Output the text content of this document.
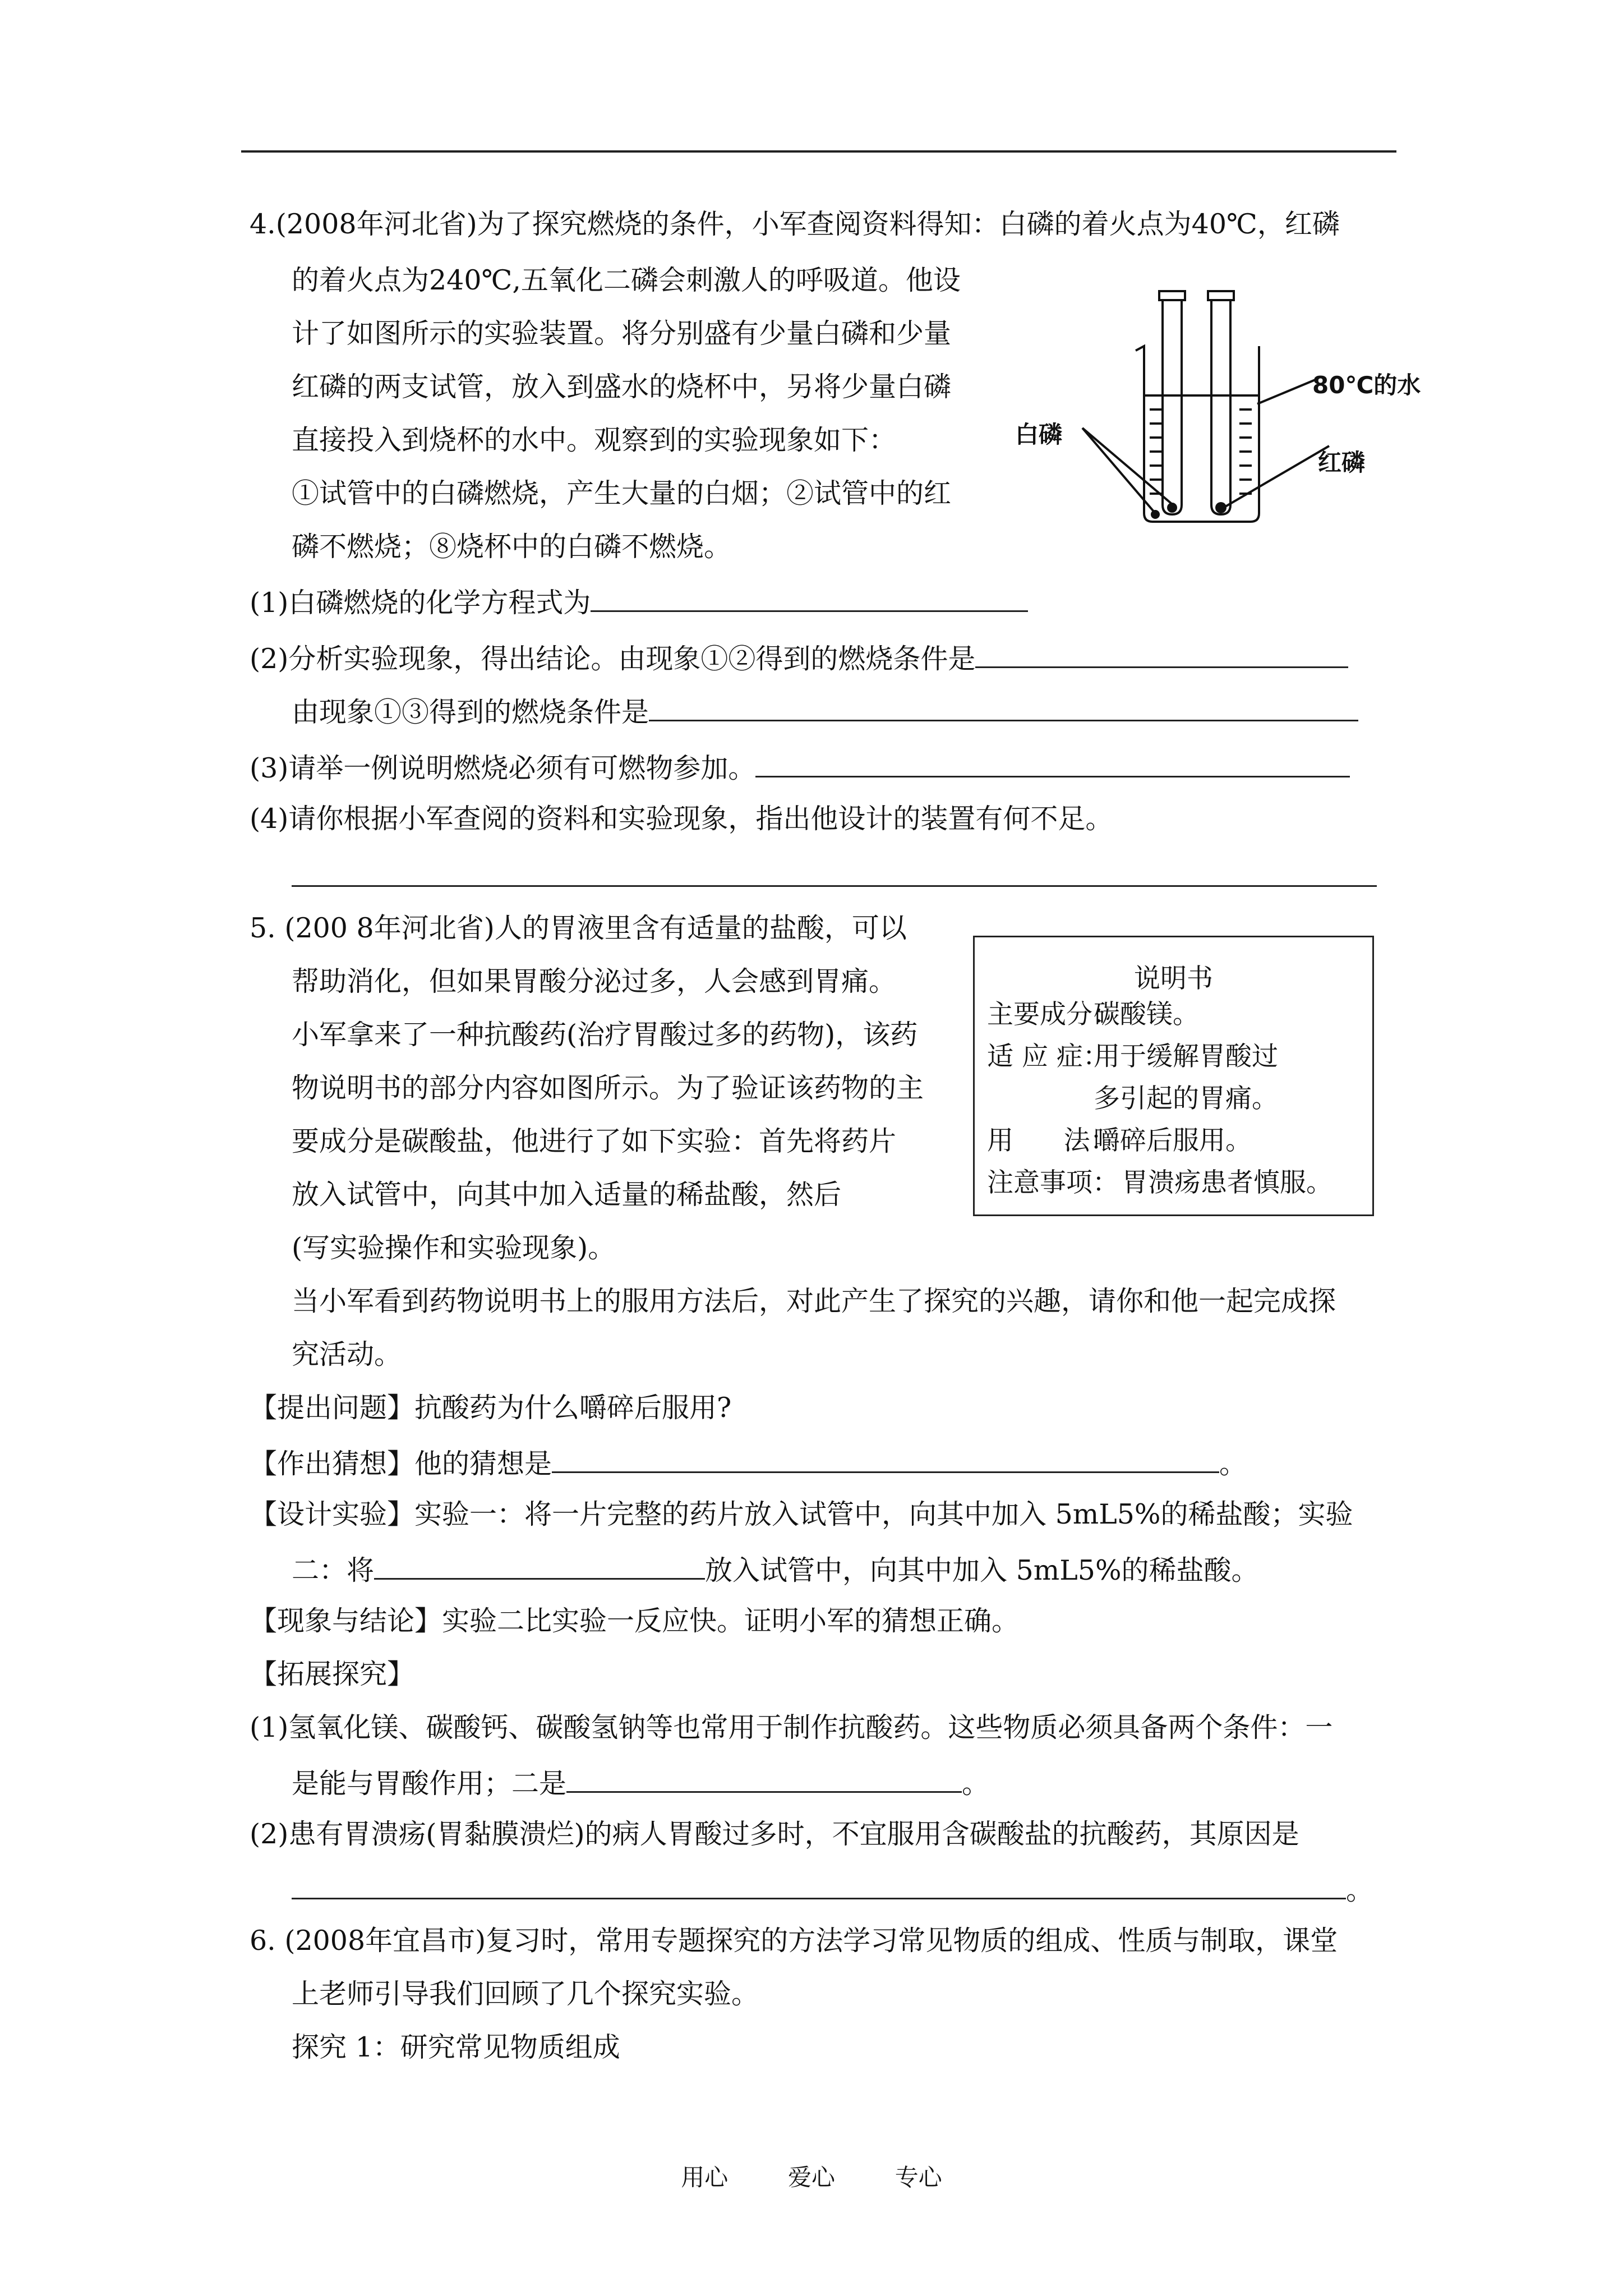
4.(2008年河北省)为了探究燃烧的条件，小军查阅资料得知：白磷的着火点为40℃，红磷
的着火点为240℃,五氧化二磷会刺激人的呼吸道。他设
计了如图所示的实验装置。将分别盛有少量白磷和少量
红磷的两支试管，放入到盛水的烧杯中，另将少量白磷
直接投入到烧杯的水中。观察到的实验现象如下：
①试管中的白磷燃烧，产生大量的白烟；②试管中的红
磷不燃烧；⑧烧杯中的白磷不燃烧。
80℃的水
白磷
红磷
(1)白磷燃烧的化学方程式为
(2)分析实验现象，得出结论。由现象①②得到的燃烧条件是
由现象①③得到的燃烧条件是
(3)请举一例说明燃烧必须有可燃物参加。
(4)请你根据小军查阅的资料和实验现象，指出他设计的装置有何不足。
5. (200 8年河北省)人的胃液里含有适量的盐酸，可以
帮助消化，但如果胃酸分泌过多，人会感到胃痛。
小军拿来了一种抗酸药(治疗胃酸过多的药物)，该药
物说明书的部分内容如图所示。为了验证该药物的主
要成分是碳酸盐，他进行了如下实验：首先将药片
放入试管中，向其中加入适量的稀盐酸，然后
(写实验操作和实验现象)。
说明书
主要成分：碳酸镁。
适 应 症：用于缓解胃酸过
多引起的胃痛。
用      法：嚼碎后服用。
注意事项： 胃溃疡患者慎服。
当小军看到药物说明书上的服用方法后，对此产生了探究的兴趣，请你和他一起完成探
究活动。
【提出问题】抗酸药为什么嚼碎后服用?
【作出猜想】他的猜想是	。
【设计实验】实验一：将一片完整的药片放入试管中，向其中加入 5mL5%的稀盐酸；实验
二：将	放入试管中，向其中加入 5mL5%的稀盐酸。
【现象与结论】实验二比实验一反应快。证明小军的猜想正确。
【拓展探究】
(1)氢氧化镁、碳酸钙、碳酸氢钠等也常用于制作抗酸药。这些物质必须具备两个条件：一
是能与胃酸作用；二是	。
(2)患有胃溃疡(胃黏膜溃烂)的病人胃酸过多时，不宜服用含碳酸盐的抗酸药，其原因是
。
6. (2008年宜昌市)复习时，常用专题探究的方法学习常见物质的组成、性质与制取，课堂
上老师引导我们回顾了几个探究实验。
探究 1：研究常见物质组成
用心  爱心  专心
